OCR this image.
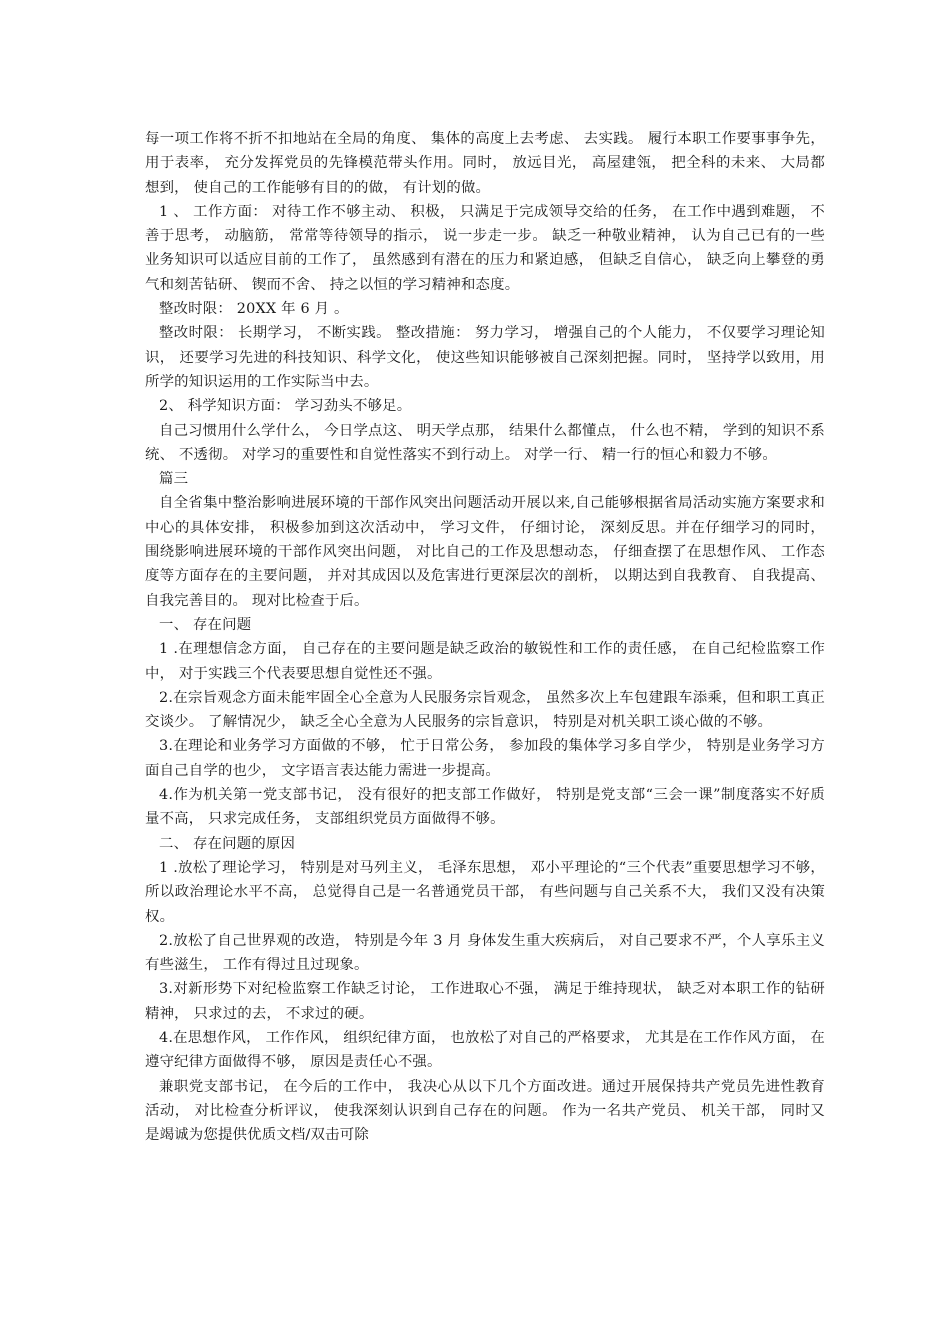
每一项工作将不折不扣地站在全局的角度、 集体的高度上去考虑、 去实践。 履行本职工作要事事争先， 用于表率， 充分发挥党员的先锋模范带头作用。同时， 放远目光， 高屋建瓴， 把全科的未来、 大局都想到， 使自己的工作能够有目的的做， 有计划的做。

1 、 工作方面： 对待工作不够主动、 积极， 只满足于完成领导交给的任务， 在工作中遇到难题， 不善于思考， 动脑筋， 常常等待领导的指示， 说一步走一步。 缺乏一种敬业精神， 认为自己已有的一些业务知识可以适应目前的工作了， 虽然感到有潜在的压力和紧迫感， 但缺乏自信心， 缺乏向上攀登的勇气和刻苦钻研、 锲而不舍、 持之以恒的学习精神和态度。

整改时限： 20XX 年 6 月 。

整改时限： 长期学习， 不断实践。 整改措施： 努力学习， 增强自己的个人能力， 不仅要学习理论知识， 还要学习先进的科技知识、科学文化， 使这些知识能够被自己深刻把握。同时， 坚持学以致用，用所学的知识运用的工作实际当中去。

2、 科学知识方面： 学习劲头不够足。

自己习惯用什么学什么， 今日学点这、 明天学点那， 结果什么都懂点， 什么也不精， 学到的知识不系统、 不透彻。 对学习的重要性和自觉性落实不到行动上。 对学一行、 精一行的恒心和毅力不够。

篇三

自全省集中整治影响进展环境的干部作风突出问题活动开展以来,自己能够根据省局活动实施方案要求和中心的具体安排， 积极参加到这次活动中， 学习文件， 仔细讨论， 深刻反思。并在仔细学习的同时， 围绕影响进展环境的干部作风突出问题， 对比自己的工作及思想动态， 仔细查摆了在思想作风、 工作态度等方面存在的主要问题， 并对其成因以及危害进行更深层次的剖析， 以期达到自我教育、 自我提高、 自我完善目的。 现对比检查于后。

一、 存在问题

1 .在理想信念方面， 自己存在的主要问题是缺乏政治的敏锐性和工作的责任感， 在自己纪检监察工作中， 对于实践三个代表要思想自觉性还不强。

2.在宗旨观念方面未能牢固全心全意为人民服务宗旨观念， 虽然多次上车包建跟车添乘，但和职工真正交谈少。 了解情况少， 缺乏全心全意为人民服务的宗旨意识， 特别是对机关职工谈心做的不够。

3.在理论和业务学习方面做的不够， 忙于日常公务， 参加段的集体学习多自学少， 特别是业务学习方面自己自学的也少， 文字语言表达能力需进一步提高。

4.作为机关第一党支部书记， 没有很好的把支部工作做好， 特别是党支部“三会一课”制度落实不好质量不高， 只求完成任务， 支部组织党员方面做得不够。

二、 存在问题的原因

1 .放松了理论学习， 特别是对马列主义， 毛泽东思想， 邓小平理论的“三个代表”重要思想学习不够， 所以政治理论水平不高， 总觉得自己是一名普通党员干部， 有些问题与自己关系不大， 我们又没有决策权。

2.放松了自己世界观的改造， 特别是今年 3 月 身体发生重大疾病后， 对自己要求不严，个人享乐主义有些滋生， 工作有得过且过现象。

3.对新形势下对纪检监察工作缺乏讨论， 工作进取心不强， 满足于维持现状， 缺乏对本职工作的钻研精神， 只求过的去， 不求过的硬。

4.在思想作风， 工作作风， 组织纪律方面， 也放松了对自己的严格要求， 尤其是在工作作风方面， 在遵守纪律方面做得不够， 原因是责任心不强。

兼职党支部书记， 在今后的工作中， 我决心从以下几个方面改进。通过开展保持共产党员先进性教育活动， 对比检查分析评议， 使我深刻认识到自己存在的问题。 作为一名共产党员、 机关干部， 同时又是竭诚为您提供优质文档/双击可除
